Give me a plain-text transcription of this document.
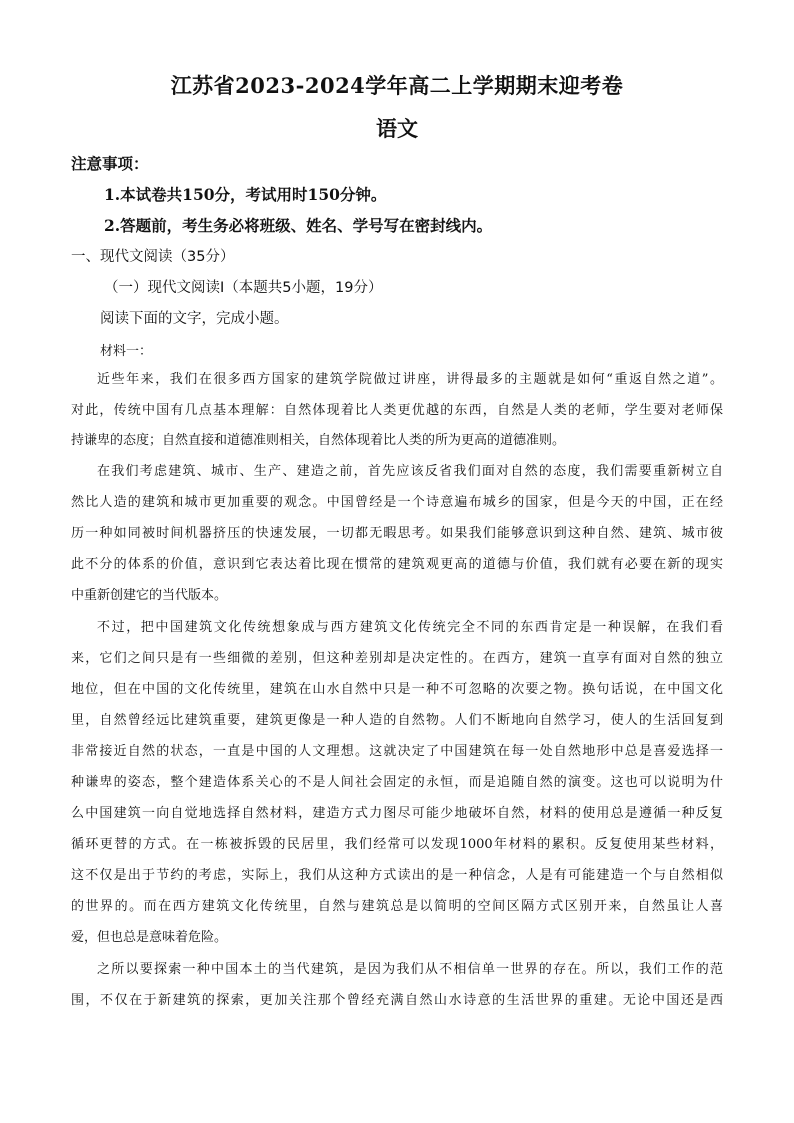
江苏省2023-2024学年高二上学期期末迎考卷
语文
注意事项：
1.本试卷共150分，考试用时150分钟。
2.答题前，考生务必将班级、姓名、学号写在密封线内。
一、现代文阅读（35分）
（一）现代文阅读Ⅰ（本题共5小题，19分）
阅读下面的文字，完成小题。
材料一：
近些年来，我们在很多西方国家的建筑学院做过讲座，讲得最多的主题就是如何“重返自然之道”。
对此，传统中国有几点基本理解：自然体现着比人类更优越的东西，自然是人类的老师，学生要对老师保
持谦卑的态度；自然直接和道德准则相关，自然体现着比人类的所为更高的道德准则。
在我们考虑建筑、城市、生产、建造之前，首先应该反省我们面对自然的态度，我们需要重新树立自
然比人造的建筑和城市更加重要的观念。中国曾经是一个诗意遍布城乡的国家，但是今天的中国，正在经
历一种如同被时间机器挤压的快速发展，一切都无暇思考。如果我们能够意识到这种自然、建筑、城市彼
此不分的体系的价值，意识到它表达着比现在惯常的建筑观更高的道德与价值，我们就有必要在新的现实
中重新创建它的当代版本。
不过，把中国建筑文化传统想象成与西方建筑文化传统完全不同的东西肯定是一种误解，在我们看
来，它们之间只是有一些细微的差别，但这种差别却是决定性的。在西方，建筑一直享有面对自然的独立
地位，但在中国的文化传统里，建筑在山水自然中只是一种不可忽略的次要之物。换句话说，在中国文化
里，自然曾经远比建筑重要，建筑更像是一种人造的自然物。人们不断地向自然学习，使人的生活回复到
非常接近自然的状态，一直是中国的人文理想。这就决定了中国建筑在每一处自然地形中总是喜爱选择一
种谦卑的姿态，整个建造体系关心的不是人间社会固定的永恒，而是追随自然的演变。这也可以说明为什
么中国建筑一向自觉地选择自然材料，建造方式力图尽可能少地破坏自然，材料的使用总是遵循一种反复
循环更替的方式。在一栋被拆毁的民居里，我们经常可以发现1000年材料的累积。反复使用某些材料，
这不仅是出于节约的考虑，实际上，我们从这种方式读出的是一种信念，人是有可能建造一个与自然相似
的世界的。而在西方建筑文化传统里，自然与建筑总是以简明的空间区隔方式区别开来，自然虽让人喜
爱，但也总是意味着危险。
之所以要探索一种中国本土的当代建筑，是因为我们从不相信单一世界的存在。所以，我们工作的范
围，不仅在于新建筑的探索，更加关注那个曾经充满自然山水诗意的生活世界的重建。无论中国还是西
